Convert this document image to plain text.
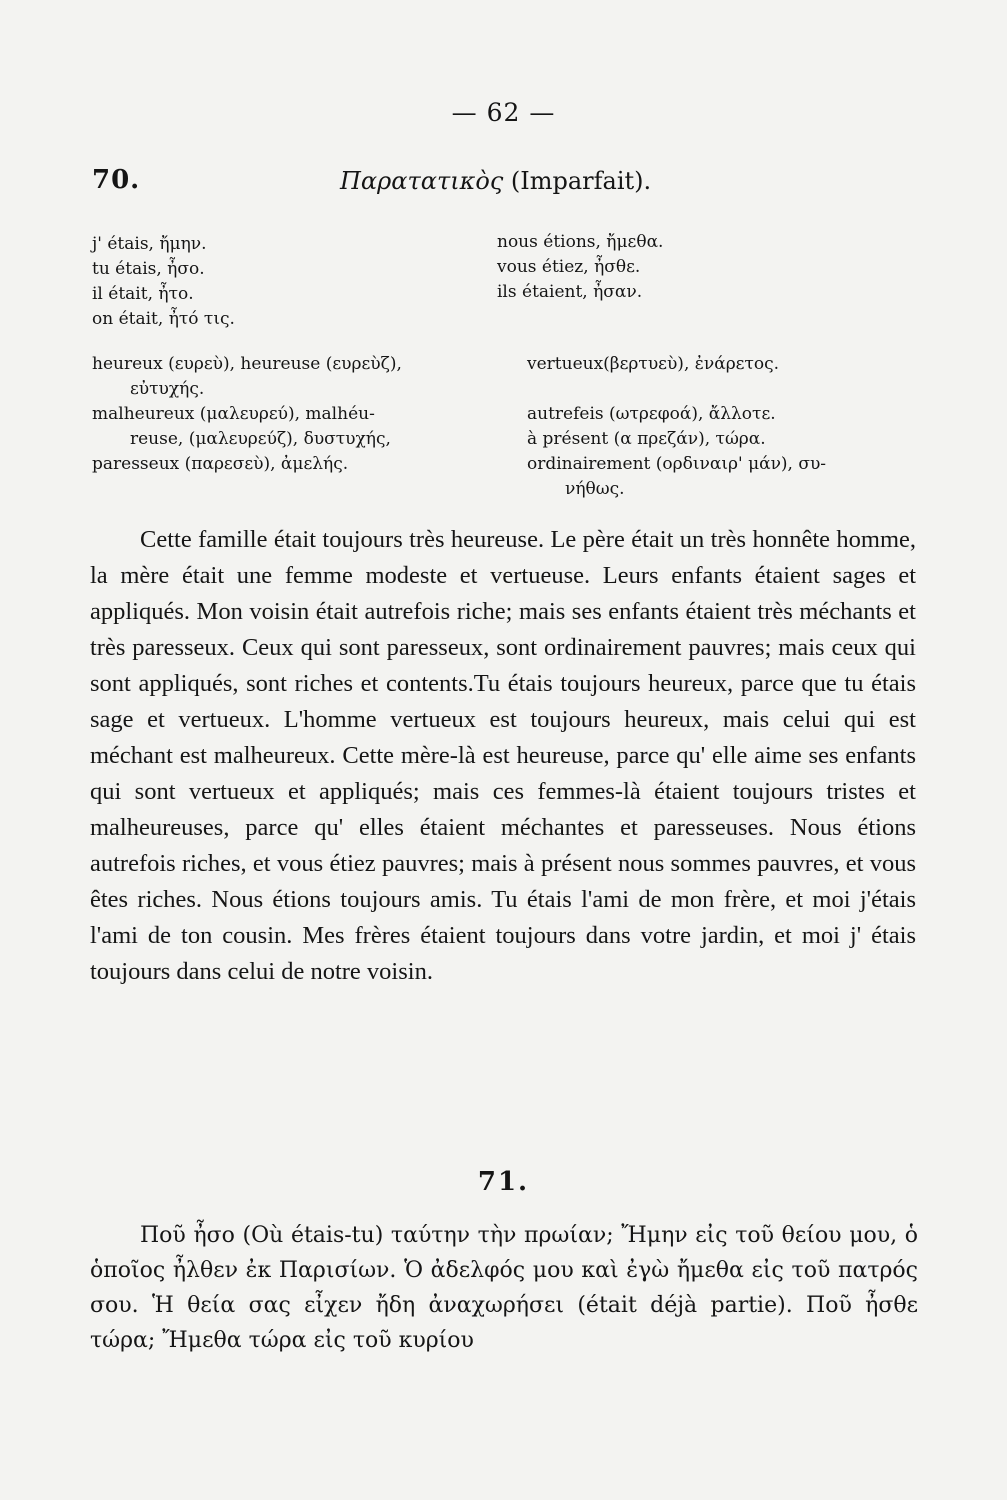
— 62 —
70.	Παρατατικὸς (Imparfait).
j' étais, ἤμην.
tu étais, ἦσο.
il était, ἦτο.
on était, ἦτό τις.
nous étions, ἤμεθα.
vous étiez, ἦσθε.
ils étaient, ἦσαν.
heureux (ευρεὺ), heureuse (ευρεὺζ),
εὐτυχής.
malheureux (μαλευρεύ), malhéu-
reuse, (μαλευρεύζ), δυστυχής,
paresseux (παρεσεὺ), ἀμελής.
vertueux(βερτυεὺ), ἐνάρετος.
autrefeis (ωτρεφοά), ἄλλοτε.
à présent (α πρεζάν), τώρα.
ordinairement (ορδιναιρ' μάν), συ-
νήθως.

Cette famille était toujours très heureuse. Le père était un très honnête homme, la mère était une femme modeste et vertueuse. Leurs enfants étaient sages et appliqués. Mon voisin était autrefois riche; mais ses enfants étaient très méchants et très paresseux. Ceux qui sont paresseux, sont ordinairement pauvres; mais ceux qui sont appliqués, sont riches et contents.Tu étais toujours heureux, parce que tu étais sage et vertueux. L'homme vertueux est toujours heureux, mais celui qui est méchant est malheureux. Cette mère-là est heureuse, parce qu' elle aime ses enfants qui sont vertueux et appliqués; mais ces femmes-là étaient toujours tristes et malheureuses, parce qu' elles étaient méchantes et paresseuses. Nous étions autrefois riches, et vous étiez pauvres; mais à présent nous sommes pauvres, et vous êtes riches. Nous étions toujours amis. Tu étais l'ami de mon frère, et moi j'étais l'ami de ton cousin. Mes frères étaient toujours dans votre jardin, et moi j' étais toujours dans celui de notre voisin.

71.

Ποῦ ἦσο (Où étais-tu) ταύτην τὴν πρωίαν; Ἤμην εἰς τοῦ θείου μου, ὁ ὁποῖος ἦλθεν ἐκ Παρισίων. Ὁ ἀδελφός μου καὶ ἐγὼ ἤμεθα εἰς τοῦ πατρός σου. Ἡ θεία σας εἶχεν ἤδη ἀναχωρήσει (était déjà partie). Ποῦ ἦσθε τώρα; Ἤμεθα τώρα εἰς τοῦ κυρίου
